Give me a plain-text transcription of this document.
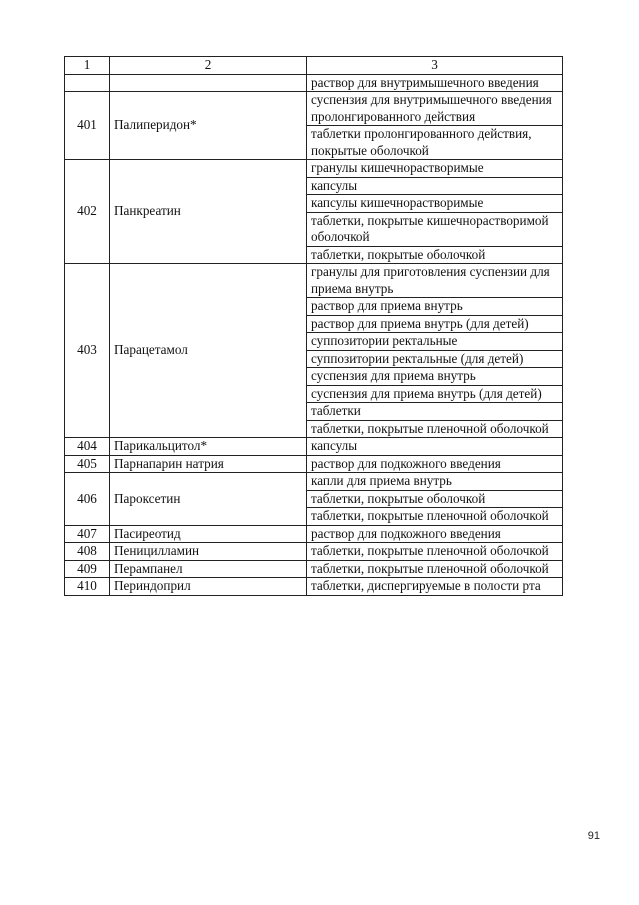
1	2	3
		раствор для внутримышечного введения
401	Палиперидон*	суспензия для внутримышечного введения пролонгированного действия
		таблетки пролонгированного действия, покрытые оболочкой
402	Панкреатин	гранулы кишечнорастворимые
		капсулы
		капсулы кишечнорастворимые
		таблетки, покрытые кишечнорастворимой оболочкой
		таблетки, покрытые оболочкой
403	Парацетамол	гранулы для приготовления суспензии для приема внутрь
		раствор для приема внутрь
		раствор для приема внутрь (для детей)
		суппозитории ректальные
		суппозитории ректальные (для детей)
		суспензия для приема внутрь
		суспензия для приема внутрь (для детей)
		таблетки
		таблетки, покрытые пленочной оболочкой
404	Парикальцитол*	капсулы
405	Парнапарин натрия	раствор для подкожного введения
406	Пароксетин	капли для приема внутрь
		таблетки, покрытые оболочкой
		таблетки, покрытые пленочной оболочкой
407	Пасиреотид	раствор для подкожного введения
408	Пеницилламин	таблетки, покрытые пленочной оболочкой
409	Перампанел	таблетки, покрытые пленочной оболочкой
410	Периндоприл	таблетки, диспергируемые в полости рта
91
